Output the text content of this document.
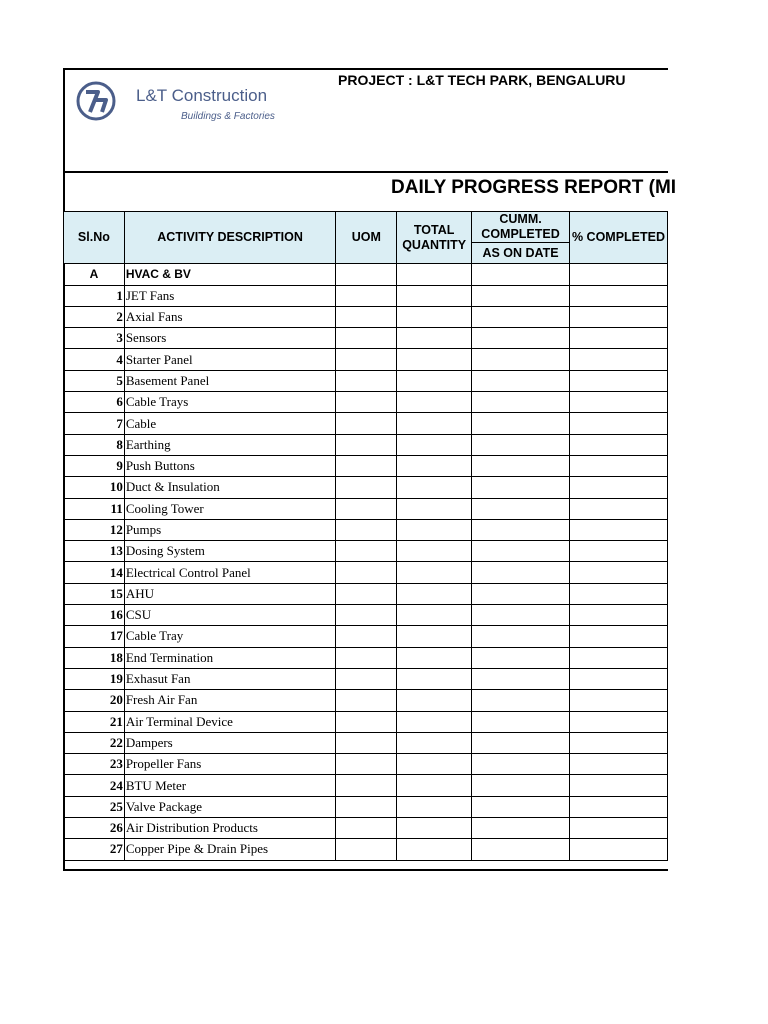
L&T Construction
Buildings & Factories
PROJECT : L&T TECH PARK, BENGALURU
DAILY PROGRESS REPORT (MI
Sl.No	ACTIVITY DESCRIPTION	UOM	TOTAL QUANTITY	CUMM. COMPLETED	% COMPLETED
				AS ON DATE	
A	HVAC & BV				
1	JET Fans				
2	Axial Fans				
3	Sensors				
4	Starter Panel				
5	Basement Panel				
6	Cable Trays				
7	Cable				
8	Earthing				
9	Push Buttons				
10	Duct & Insulation				
11	Cooling Tower				
12	Pumps				
13	Dosing System				
14	Electrical Control Panel				
15	AHU				
16	CSU				
17	Cable Tray				
18	End Termination				
19	Exhasut Fan				
20	Fresh Air Fan				
21	Air Terminal Device				
22	Dampers				
23	Propeller Fans				
24	BTU Meter				
25	Valve Package				
26	Air Distribution Products				
27	Copper Pipe & Drain Pipes				
